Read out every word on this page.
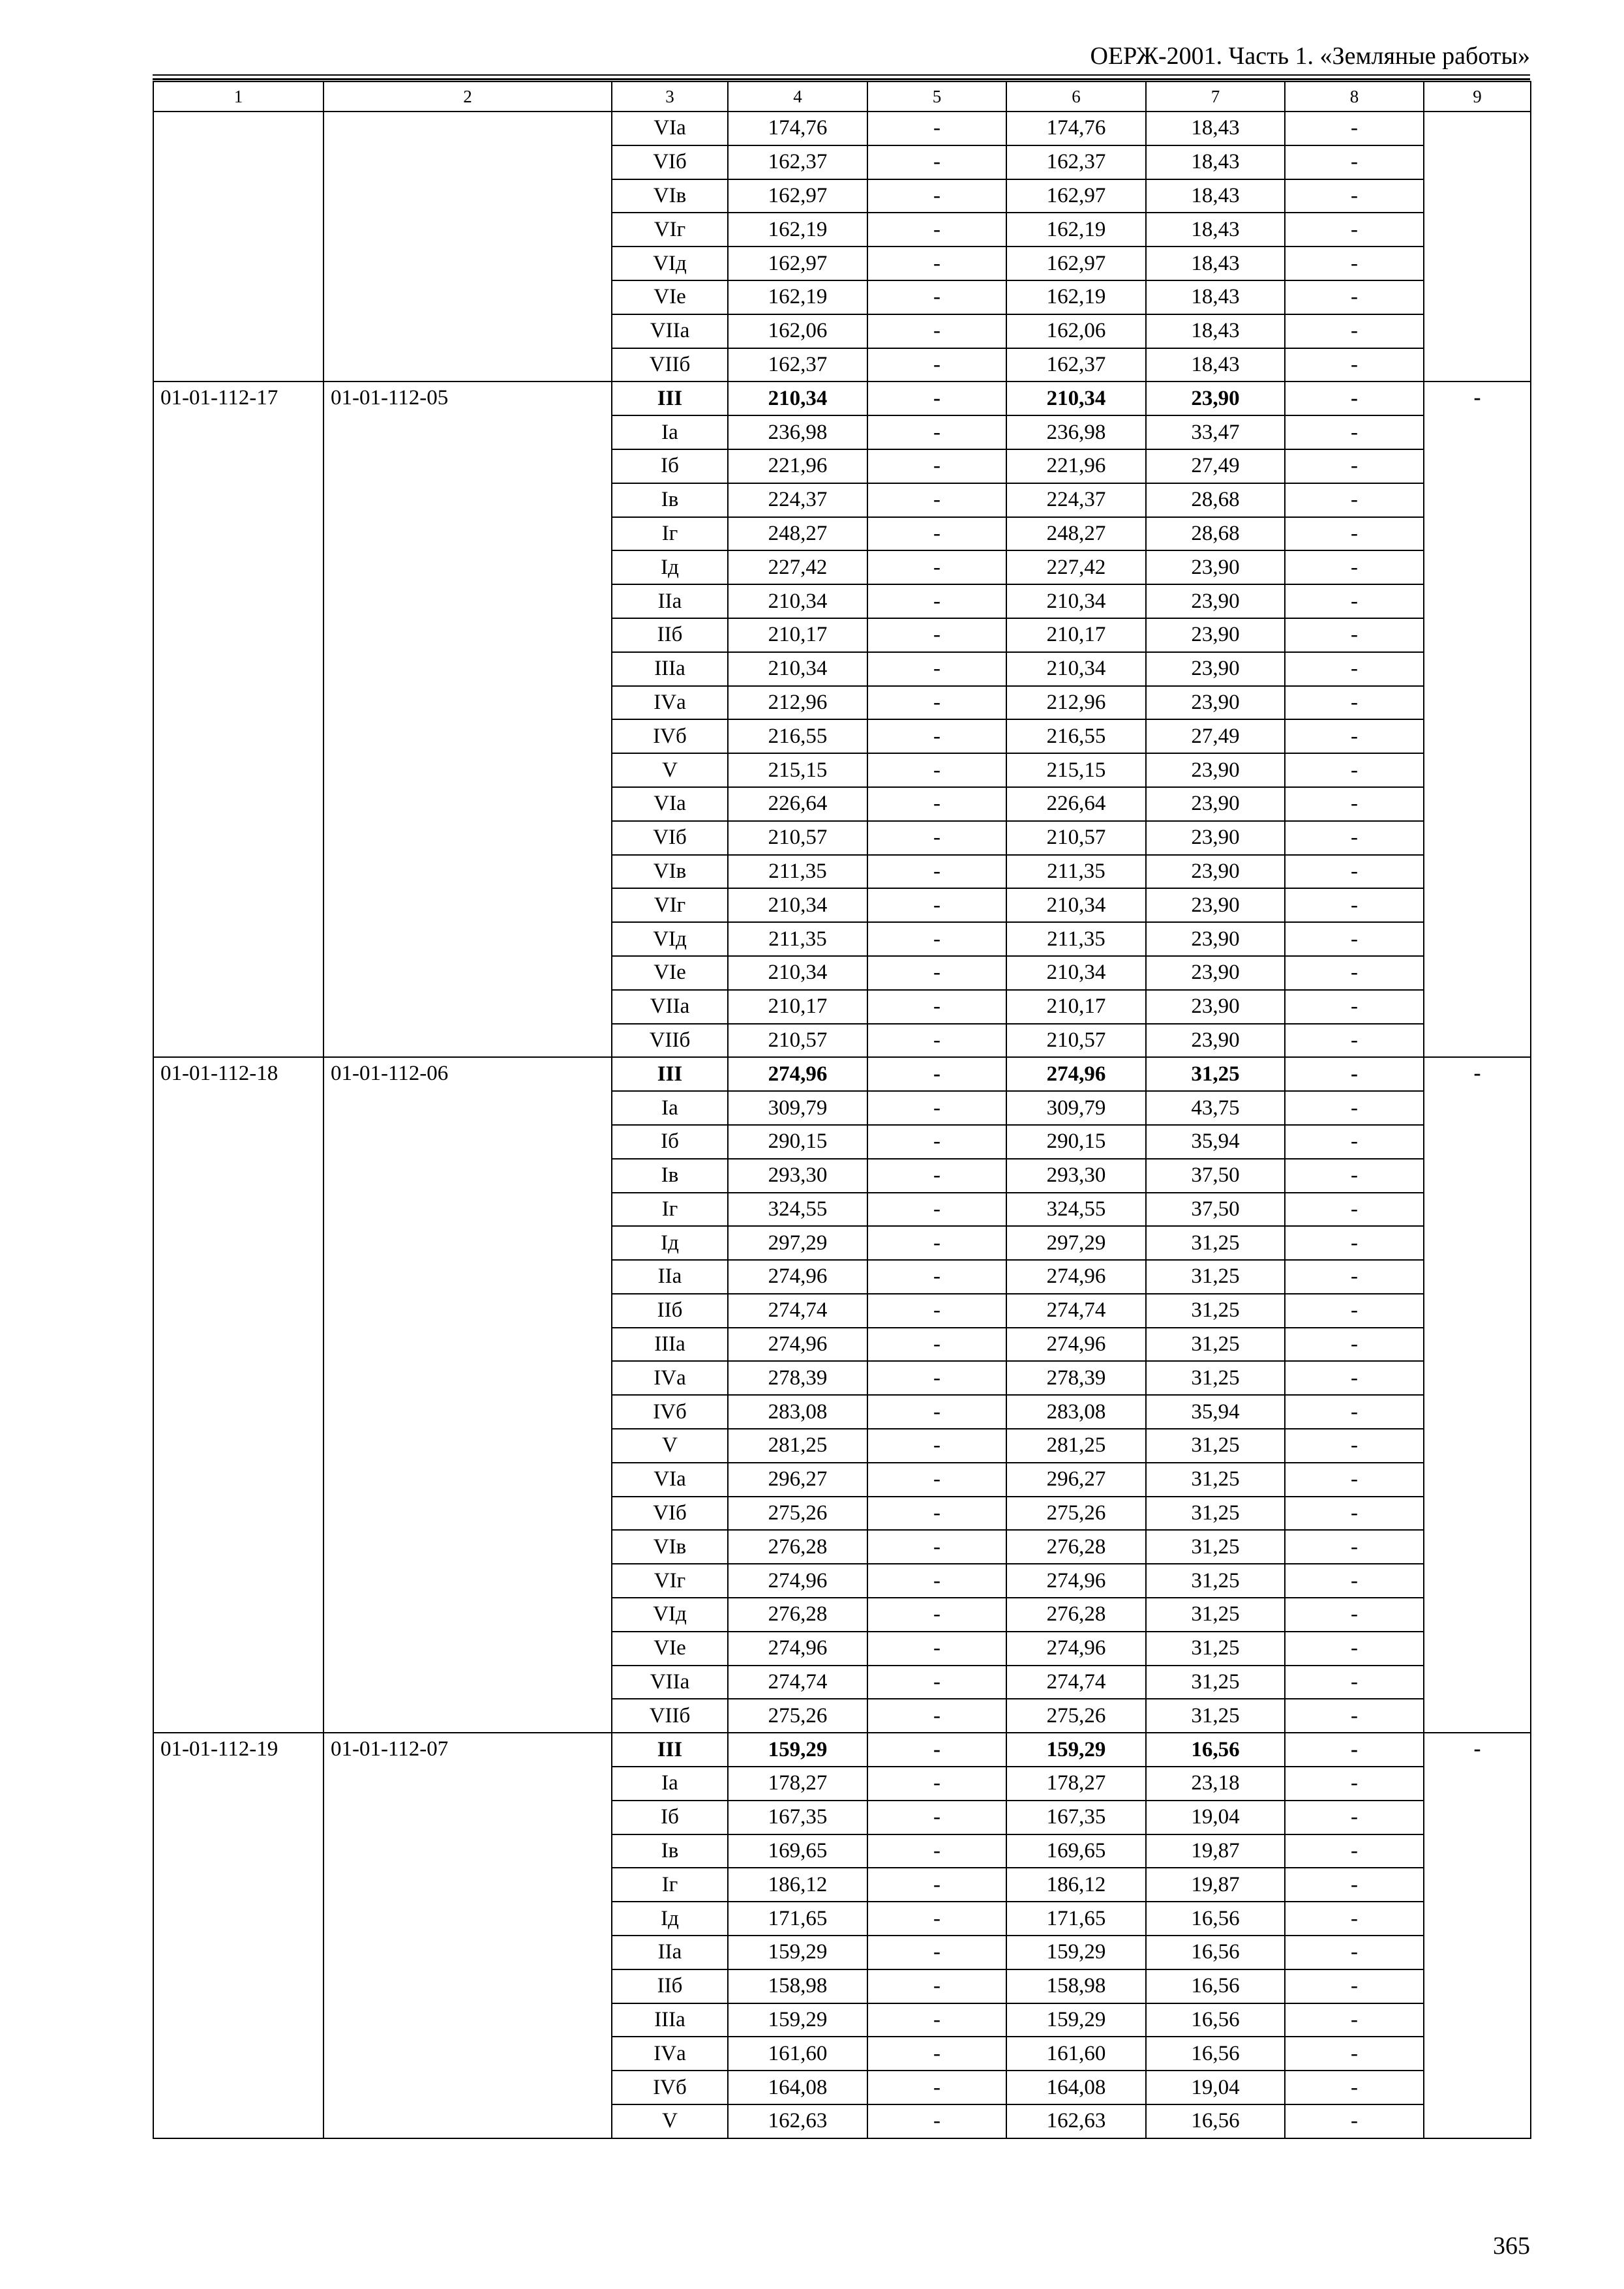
ОЕРЖ-2001. Часть 1. «Земляные работы»
1	2	3	4	5	6	7	8	9
		VIа	174,76	-	174,76	18,43	-	
		VIб	162,37	-	162,37	18,43	-	
		VIв	162,97	-	162,97	18,43	-	
		VIг	162,19	-	162,19	18,43	-	
		VIд	162,97	-	162,97	18,43	-	
		VIе	162,19	-	162,19	18,43	-	
		VIIа	162,06	-	162,06	18,43	-	
		VIIб	162,37	-	162,37	18,43	-	
01-01-112-17	01-01-112-05	III	210,34	-	210,34	23,90	-	-
		Iа	236,98	-	236,98	33,47	-	
		Iб	221,96	-	221,96	27,49	-	
		Iв	224,37	-	224,37	28,68	-	
		Iг	248,27	-	248,27	28,68	-	
		Iд	227,42	-	227,42	23,90	-	
		IIа	210,34	-	210,34	23,90	-	
		IIб	210,17	-	210,17	23,90	-	
		IIIа	210,34	-	210,34	23,90	-	
		IVа	212,96	-	212,96	23,90	-	
		IVб	216,55	-	216,55	27,49	-	
		V	215,15	-	215,15	23,90	-	
		VIа	226,64	-	226,64	23,90	-	
		VIб	210,57	-	210,57	23,90	-	
		VIв	211,35	-	211,35	23,90	-	
		VIг	210,34	-	210,34	23,90	-	
		VIд	211,35	-	211,35	23,90	-	
		VIе	210,34	-	210,34	23,90	-	
		VIIа	210,17	-	210,17	23,90	-	
		VIIб	210,57	-	210,57	23,90	-	
01-01-112-18	01-01-112-06	III	274,96	-	274,96	31,25	-	-
		Iа	309,79	-	309,79	43,75	-	
		Iб	290,15	-	290,15	35,94	-	
		Iв	293,30	-	293,30	37,50	-	
		Iг	324,55	-	324,55	37,50	-	
		Iд	297,29	-	297,29	31,25	-	
		IIа	274,96	-	274,96	31,25	-	
		IIб	274,74	-	274,74	31,25	-	
		IIIа	274,96	-	274,96	31,25	-	
		IVа	278,39	-	278,39	31,25	-	
		IVб	283,08	-	283,08	35,94	-	
		V	281,25	-	281,25	31,25	-	
		VIа	296,27	-	296,27	31,25	-	
		VIб	275,26	-	275,26	31,25	-	
		VIв	276,28	-	276,28	31,25	-	
		VIг	274,96	-	274,96	31,25	-	
		VIд	276,28	-	276,28	31,25	-	
		VIе	274,96	-	274,96	31,25	-	
		VIIа	274,74	-	274,74	31,25	-	
		VIIб	275,26	-	275,26	31,25	-	
01-01-112-19	01-01-112-07	III	159,29	-	159,29	16,56	-	-
		Iа	178,27	-	178,27	23,18	-	
		Iб	167,35	-	167,35	19,04	-	
		Iв	169,65	-	169,65	19,87	-	
		Iг	186,12	-	186,12	19,87	-	
		Iд	171,65	-	171,65	16,56	-	
		IIа	159,29	-	159,29	16,56	-	
		IIб	158,98	-	158,98	16,56	-	
		IIIа	159,29	-	159,29	16,56	-	
		IVа	161,60	-	161,60	16,56	-	
		IVб	164,08	-	164,08	19,04	-	
		V	162,63	-	162,63	16,56	-	
365
